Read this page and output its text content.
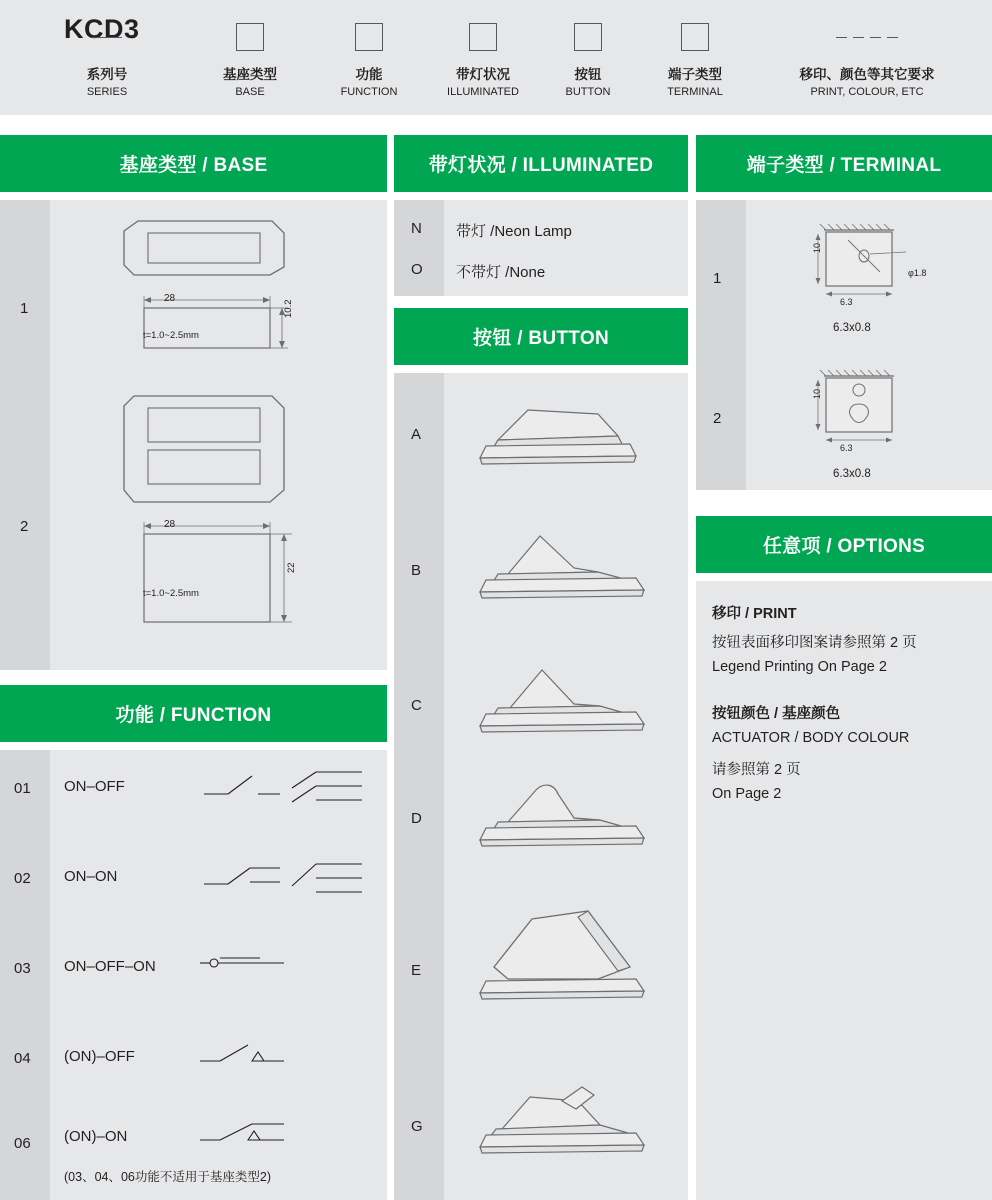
KCD3
系列号
SERIES
基座类型
BASE
功能
FUNCTION
带灯状况
ILLUMINATED
按钮
BUTTON
端子类型
TERMINAL
移印、颜色等其它要求
PRINT, COLOUR, ETC
基座类型 / BASE
1
2
28
t=1.0~2.5mm
10.2
28
t=1.0~2.5mm
22
功能 / FUNCTION
01 ON–OFF
02 ON–ON
03 ON–OFF–ON
04 (ON)–OFF
06 (ON)–ON
(03、04、06功能不适用于基座类型2)
带灯状况 / ILLUMINATED
N 带灯 /Neon Lamp
O 不带灯 /None
按钮 / BUTTON
A
B
C
D
E
G
端子类型 / TERMINAL
1
10
6.3
φ1.8
6.3x0.8
2
10
6.3
6.3x0.8
任意项 / OPTIONS
移印 / PRINT
按钮表面移印图案请参照第 2 页
Legend Printing On Page 2
按钮颜色 / 基座颜色
ACTUATOR / BODY COLOUR
请参照第 2 页
On Page 2
